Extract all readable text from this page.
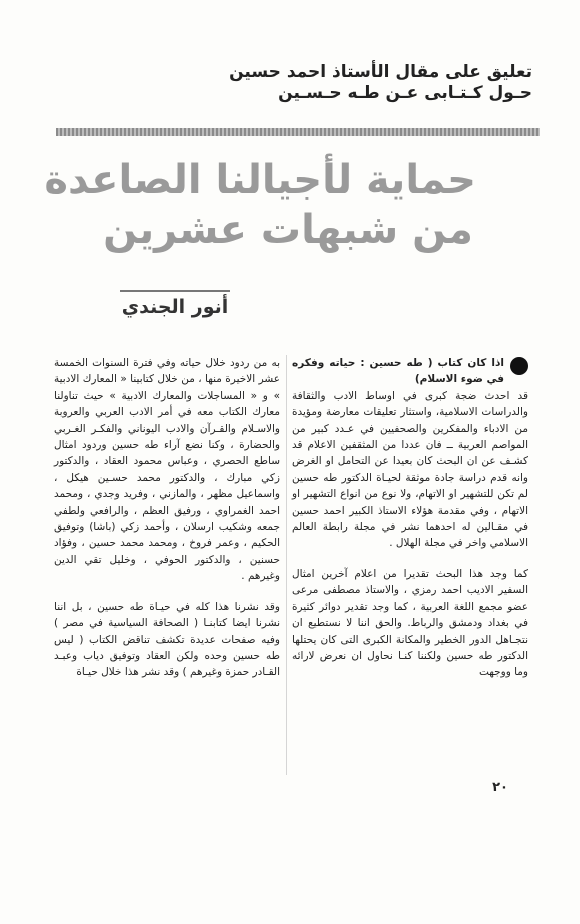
تعليق على مقال الأستاذ احمد حسين
حـول كـتـابى عـن طـه حـسـين
حماية لأجيالنا الصاعدة
من شبهات عشرين
أنور الجندي

اذا كان كتاب ( طه حسين : حياته وفكره في ضوء الاسلام)

قد احدث ضجة كبرى في اوساط الادب والثقافة والدراسات الاسلامية، واستثار تعليقات معارضة ومؤيدة من الادباء والمفكرين والصحفيين في عـدد كبير من المواصم العربية ــ فان عددا من المثقفين الاعلام قد كشـف عن ان البحث كان بعيدا عن التحامل او الغرض وانه قدم دراسة جادة موثقة لحيـاة الدكتور طه حسين لم تكن للتشهير او الاتهام، ولا نوع من انواع التشهير او الاتهام ، وفي مقدمة هؤلاء الاستاذ الكبير احمد حسين في مقـالين له احدهما نشر في مجلة رابطة العالم الاسلامي واخر في مجلة الهلال .

كما وجد هذا البحث تقديرا من اعلام آخرين امثال السفير الاديب احمد رمزي ، والاستاذ مصطفى مرعى عضو مجمع اللغة العربية ، كما وجد تقدير دوائر كثيرة في بغداد ودمشق والرباط. والحق اننا لا نستطيع ان نتجـاهل الدور الخطير والمكانة الكبرى التى كان يحتلها الدكتور طه حسين ولكننا كنـا نحاول ان نعرض لارائه وما ووجهت

به من ردود خلال حياته وفي فترة السنوات الخمسة عشر الاخيرة منها ، من خلال كتابينا « المعارك الادبية » و « المساجلات والمعارك الادبية » حيث تناولنا معارك الكتاب معه في أمر الادب العربي والعروبة والاسـلام والقـرآن والادب اليوناني والفكـر الغـربي والحضارة ، وكنا نضع آراء طه حسين وردود امثال ساطع الحصري ، وعباس محمود العقاد ، والدكتور زكي مبارك ، والدكتور محمد حسـين هيكل ، واسماعيل مظهر ، والمازني ، وفريد وجدي ، ومحمد احمد الغمراوي ، ورفيق العظم ، والرافعي ولطفي جمعه وشكيب ارسلان ، وأحمد زكي (باشا) وتوفيق الحكيم ، وعمر فروخ ، ومحمد محمد حسين ، وفؤاد حسنين ، والدكتور الحوفي ، وخليل تقي الدين وغيرهم .

وقد نشرنا هذا كله في حيـاة طه حسين ، بل اننا نشرنا ايضا كتابنـا ( الصحافة السياسية في مصر ) وفيه صفحات عديدة تكشف تناقض الكتاب ( ليس طه حسين وحده ولكن العقاد وتوفيق دياب وعبـد القـادر حمزة وغيرهم ) وقد نشر هذا خلال حيـاة

٢٠
